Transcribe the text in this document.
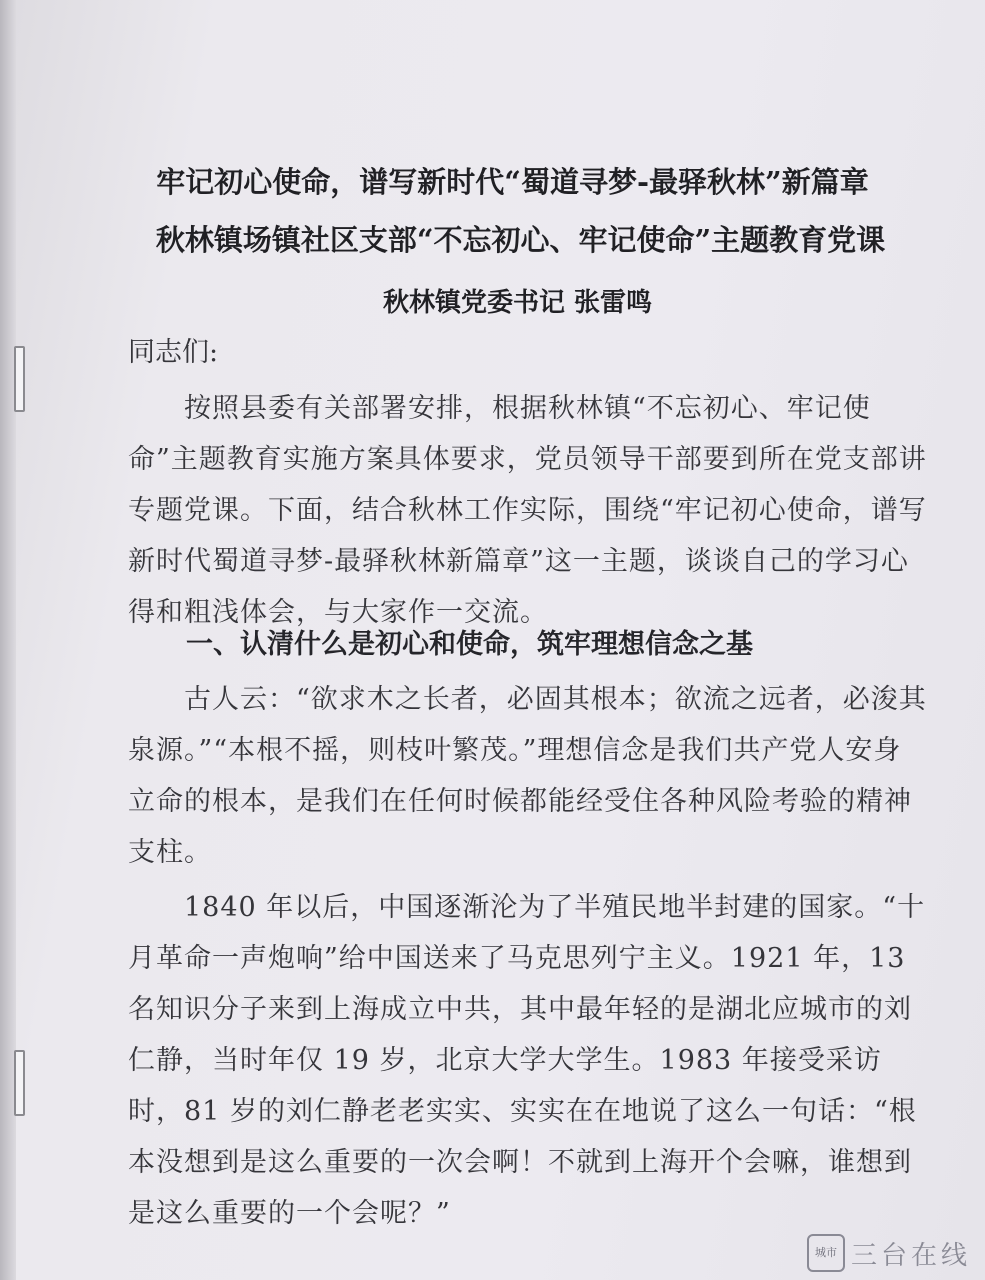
牢记初心使命，谱写新时代“蜀道寻梦-最驿秋林”新篇章
秋林镇场镇社区支部“不忘初心、牢记使命”主题教育党课
秋林镇党委书记 张雷鸣
同志们:

按照县委有关部署安排，根据秋林镇“不忘初心、牢记使命”主题教育实施方案具体要求，党员领导干部要到所在党支部讲专题党课。下面，结合秋林工作实际，围绕“牢记初心使命，谱写新时代蜀道寻梦-最驿秋林新篇章”这一主题，谈谈自己的学习心得和粗浅体会，与大家作一交流。

一、认清什么是初心和使命，筑牢理想信念之基

古人云：“欲求木之长者，必固其根本；欲流之远者，必浚其泉源。”“本根不摇，则枝叶繁茂。”理想信念是我们共产党人安身立命的根本，是我们在任何时候都能经受住各种风险考验的精神支柱。

1840 年以后，中国逐渐沦为了半殖民地半封建的国家。“十月革命一声炮响”给中国送来了马克思列宁主义。1921 年，13 名知识分子来到上海成立中共，其中最年轻的是湖北应城市的刘仁静，当时年仅 19 岁，北京大学大学生。1983 年接受采访时，81 岁的刘仁静老老实实、实实在在地说了这么一句话：“根本没想到是这么重要的一次会啊！不就到上海开个会嘛，谁想到是这么重要的一个会呢？”

城市 三台在线
